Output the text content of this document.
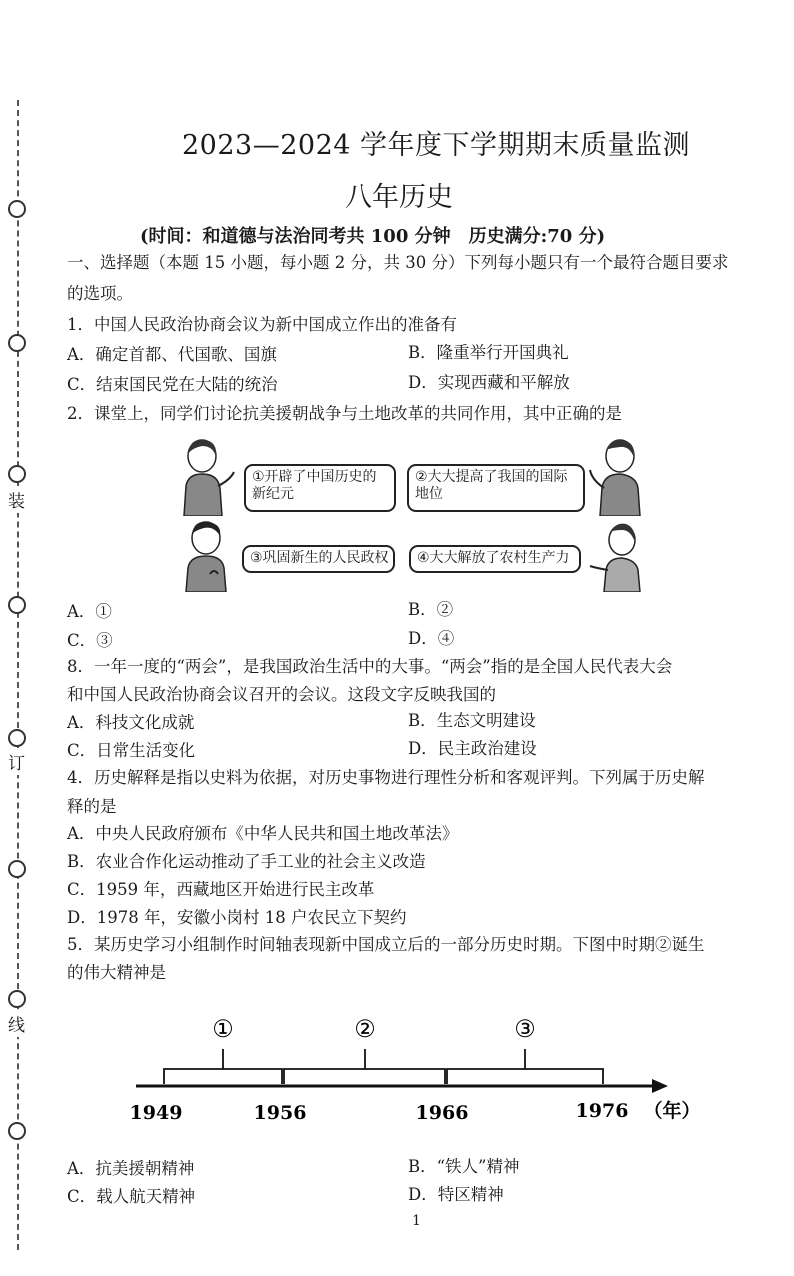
装
订
线
2023—2024 学年度下学期期末质量监测
八年历史
(时间：和道德与法治同考共 100 分钟　历史满分:70 分)
一、选择题（本题 15 小题，每小题 2 分，共 30 分）下列每小题只有一个最符合题目要求
的选项。
1．中国人民政治协商会议为新中国成立作出的准备有
A．确定首都、代国歌、国旗	B．隆重举行开国典礼
C．结束国民党在大陆的统治	D．实现西藏和平解放
2．课堂上，同学们讨论抗美援朝战争与土地改革的共同作用，其中正确的是
①开辟了中国历史的新纪元
②大大提高了我国的国际地位
③巩固新生的人民政权	④大大解放了农村生产力
A．①	B．②
C．③	D．④
8．一年一度的“两会”，是我国政治生活中的大事。“两会”指的是全国人民代表大会
和中国人民政治协商会议召开的会议。这段文字反映我国的
A．科技文化成就	B．生态文明建设
C．日常生活变化	D．民主政治建设
4．历史解释是指以史料为依据，对历史事物进行理性分析和客观评判。下列属于历史解
释的是
A．中央人民政府颁布《中华人民共和国土地改革法》
B．农业合作化运动推动了手工业的社会主义改造
C．1959 年，西藏地区开始进行民主改革
D．1978 年，安徽小岗村 18 户农民立下契约
5．某历史学习小组制作时间轴表现新中国成立后的一部分历史时期。下图中时期②诞生
的伟大精神是
①	②	③
1949	1956	1966	1976 （年）
A．抗美援朝精神	B．“铁人”精神
C．载人航天精神	D．特区精神
1
